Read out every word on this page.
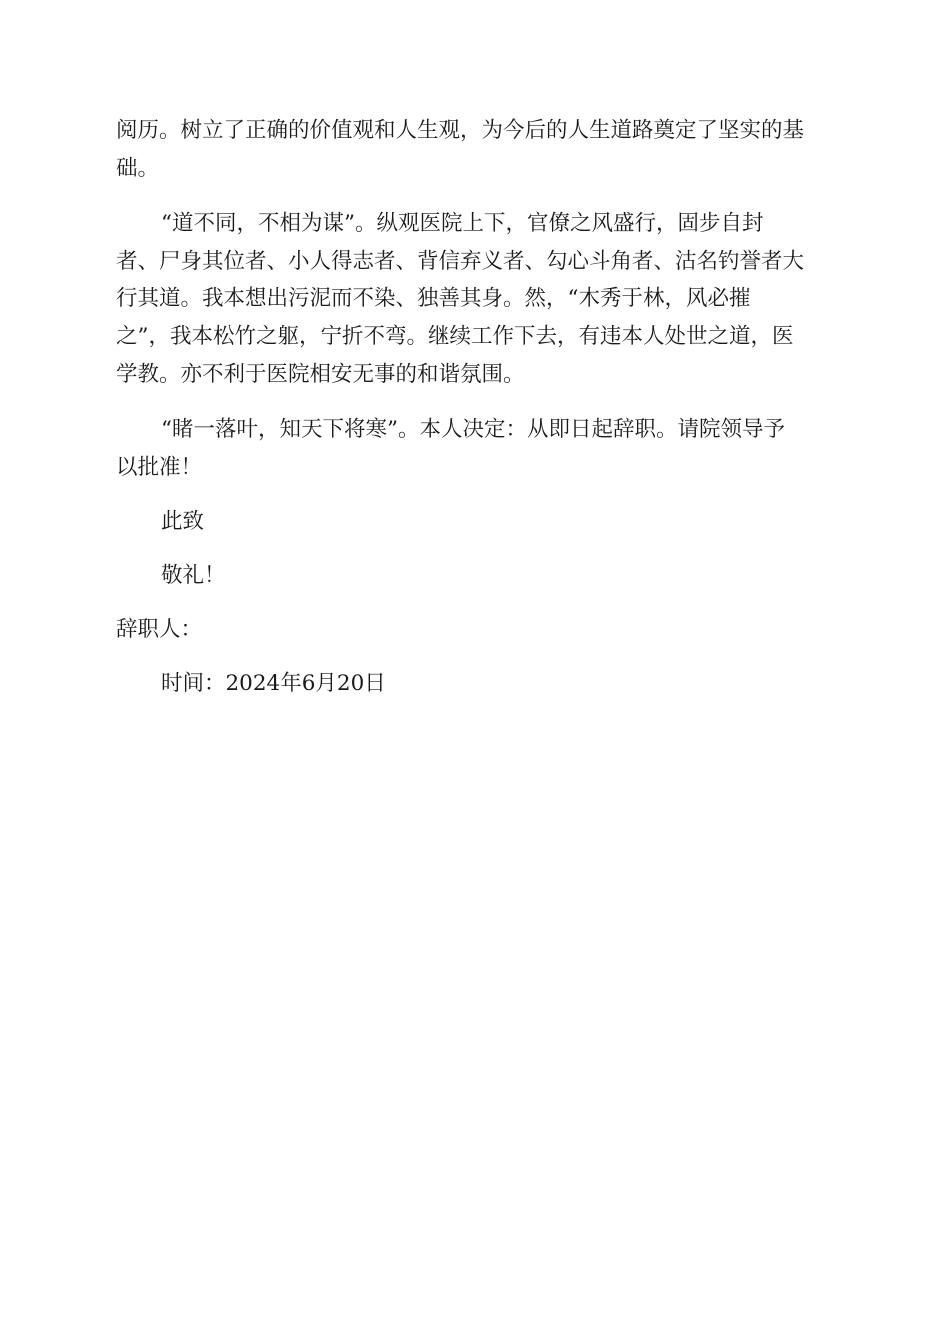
阅历。树立了正确的价值观和人生观，为今后的人生道路奠定了坚实的基
础。
“道不同，不相为谋”。纵观医院上下，官僚之风盛行，固步自封
者、尸身其位者、小人得志者、背信弃义者、勾心斗角者、沽名钓誉者大
行其道。我本想出污泥而不染、独善其身。然，“木秀于林，风必摧
之”，我本松竹之躯，宁折不弯。继续工作下去，有违本人处世之道，医
学教。亦不利于医院相安无事的和谐氛围。
“睹一落叶，知天下将寒”。本人决定：从即日起辞职。请院领导予
以批准！
此致
敬礼！
辞职人：
时间：2024年6月20日
